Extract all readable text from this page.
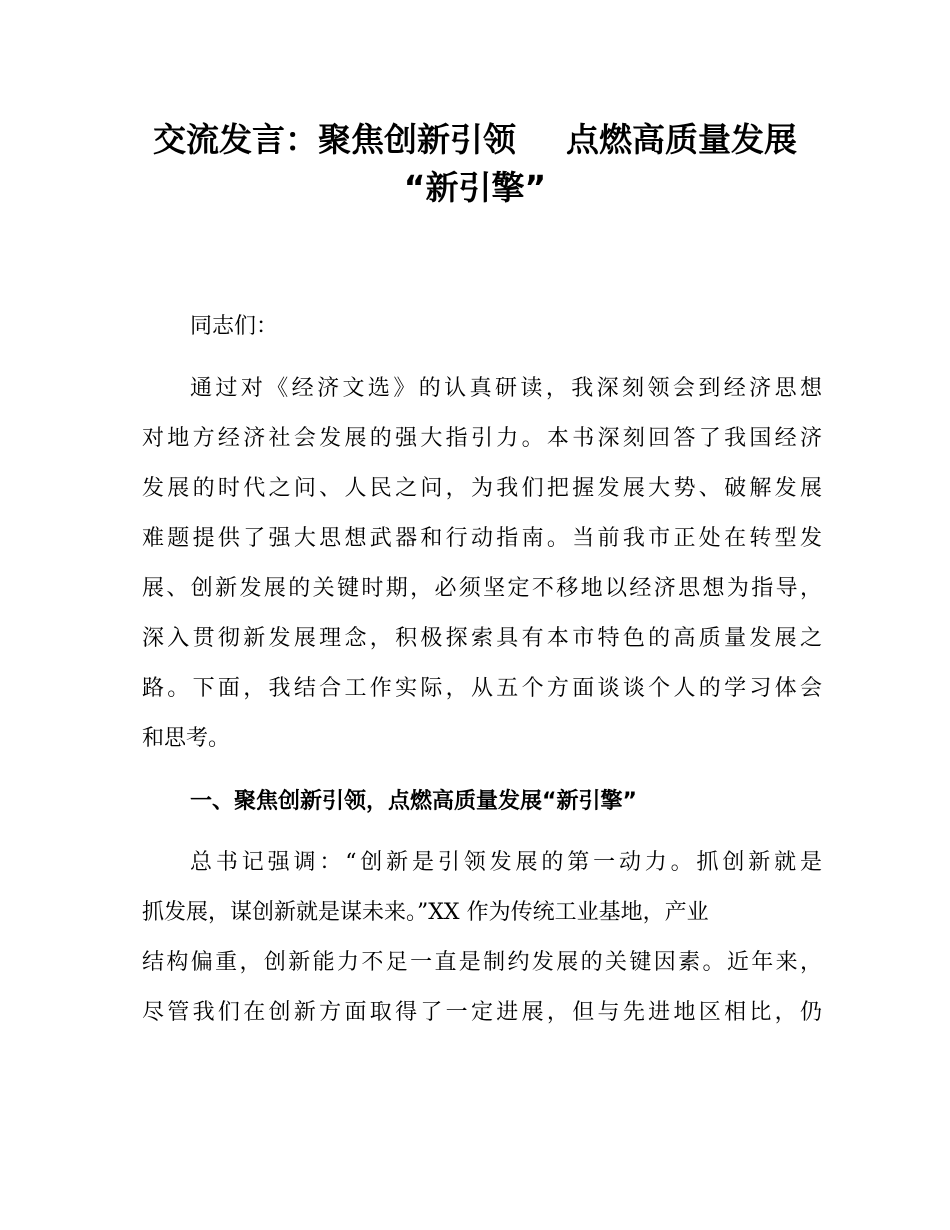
交流发言：聚焦创新引领 点燃高质量发展
“新引擎”

同志们：

通过对《经济文选》的认真研读，我深刻领会到经济思想
对地方经济社会发展的强大指引力。本书深刻回答了我国经济
发展的时代之问、人民之问，为我们把握发展大势、破解发展
难题提供了强大思想武器和行动指南。当前我市正处在转型发
展、创新发展的关键时期，必须坚定不移地以经济思想为指导，
深入贯彻新发展理念，积极探索具有本市特色的高质量发展之
路。下面，我结合工作实际，从五个方面谈谈个人的学习体会
和思考。
一、聚焦创新引领，点燃高质量发展“新引擎”
总书记强调：“创新是引领发展的第一动力。抓创新就是
抓发展，谋创新就是谋未来。”XX 作为传统工业基地，产业
结构偏重，创新能力不足一直是制约发展的关键因素。近年来，
尽管我们在创新方面取得了一定进展，但与先进地区相比，仍
